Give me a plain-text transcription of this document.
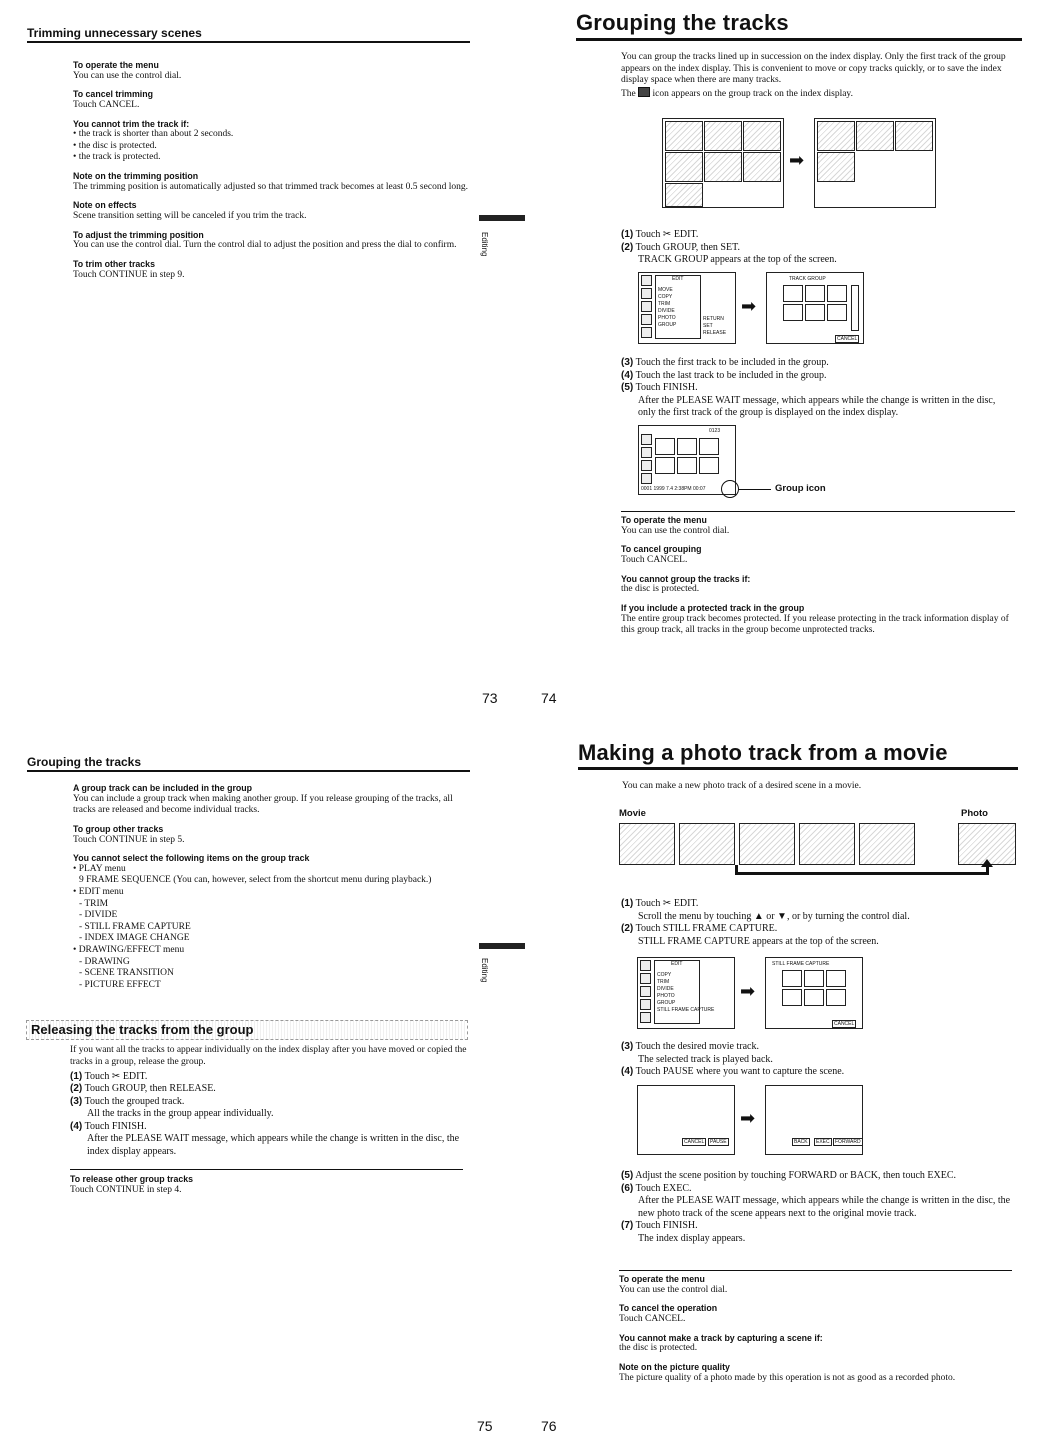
Trimming unnecessary scenes
To operate the menu
You can use the control dial.
To cancel trimming
Touch CANCEL.
You cannot trim the track if:
• the track is shorter than about 2 seconds.
• the disc is protected.
• the track is protected.
Note on the trimming position
The trimming position is automatically adjusted so that trimmed track becomes at least 0.5 second long.
Note on effects
Scene transition setting will be canceled if you trim the track.
To adjust the trimming position
You can use the control dial. Turn the control dial to adjust the position and press the dial to confirm.
To trim other tracks
Touch CONTINUE in step 9.
Editing
73
Grouping the tracks
You can group the tracks lined up in succession on the index display. Only the first track of the group appears on the index display. This is convenient to move or copy tracks quickly, or to save the index display space when there are many tracks.
The icon appears on the group track on the index display.
➡
(1) Touch ✂ EDIT.
(2) Touch GROUP, then SET.
TRACK GROUP appears at the top of the screen.
EDIT
MOVE
COPY
TRIM
DIVIDE
PHOTO
GROUP
RETURN
SET
RELEASE
➡
TRACK GROUP
CANCEL
(3) Touch the first track to be included in the group.
(4) Touch the last track to be included in the group.
(5) Touch FINISH.
After the PLEASE WAIT message, which appears while the change is written in the disc, only the first track of the group is displayed on the index display.
0123
0001 1999 7.4 2:38PM 00:07	Group icon
To operate the menu
You can use the control dial.
To cancel grouping
Touch CANCEL.
You cannot group the tracks if:
the disc is protected.
If you include a protected track in the group
The entire group track becomes protected. If you release protecting in the track information display of this group track, all tracks in the group become unprotected tracks.
74
Grouping the tracks
A group track can be included in the group
You can include a group track when making another group. If you release grouping of the tracks, all tracks are released and become individual tracks.
To group other tracks
Touch CONTINUE in step 5.
You cannot select the following items on the group track
• PLAY menu
9 FRAME SEQUENCE (You can, however, select from the shortcut menu during playback.)
• EDIT menu
- TRIM
- DIVIDE
- STILL FRAME CAPTURE
- INDEX IMAGE CHANGE
• DRAWING/EFFECT menu
- DRAWING
- SCENE TRANSITION
- PICTURE EFFECT
Editing
Releasing the tracks from the group
If you want all the tracks to appear individually on the index display after you have moved or copied the tracks in a group, release the group.
(1) Touch ✂ EDIT.
(2) Touch GROUP, then RELEASE.
(3) Touch the grouped track.
All the tracks in the group appear individually.
(4) Touch FINISH.
After the PLEASE WAIT message, which appears while the change is written in the disc, the index display appears.
To release other group tracks
Touch CONTINUE in step 4.
75
Making a photo track from a movie
You can make a new photo track of a desired scene in a movie.
Movie	Photo
(1) Touch ✂ EDIT.
Scroll the menu by touching ▲ or ▼, or by turning the control dial.
(2) Touch STILL FRAME CAPTURE.
STILL FRAME CAPTURE appears at the top of the screen.
EDIT
COPY
TRIM
DIVIDE
PHOTO
GROUP
STILL FRAME CAPTURE
➡
STILL FRAME CAPTURE
CANCEL
(3) Touch the desired movie track.
The selected track is played back.
(4) Touch PAUSE where you want to capture the scene.
CANCEL	PAUSE
➡
BACK	EXEC	FORWARD
(5) Adjust the scene position by touching FORWARD or BACK, then touch EXEC.
(6) Touch EXEC.
After the PLEASE WAIT message, which appears while the change is written in the disc, the new photo track of the scene appears next to the original movie track.
(7) Touch FINISH.
The index display appears.
To operate the menu
You can use the control dial.
To cancel the operation
Touch CANCEL.
You cannot make a track by capturing a scene if:
the disc is protected.
Note on the picture quality
The picture quality of a photo made by this operation is not as good as a recorded photo.
76
